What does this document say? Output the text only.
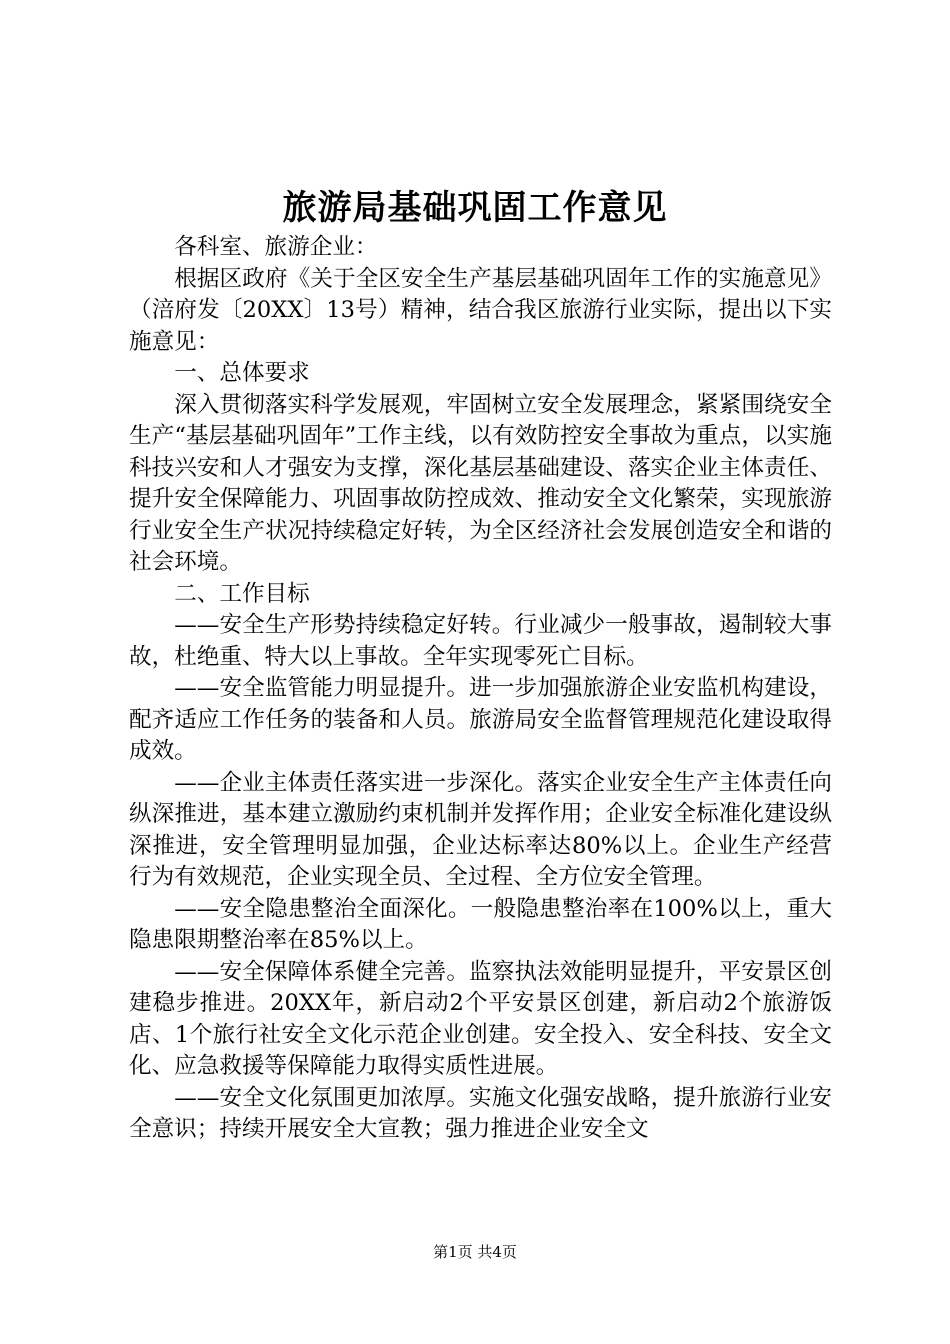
旅游局基础巩固工作意见

各科室、旅游企业：

根据区政府《关于全区安全生产基层基础巩固年工作的实施意见》（涪府发〔20XX〕13号）精神，结合我区旅游行业实际，提出以下实施意见：

一、总体要求

深入贯彻落实科学发展观，牢固树立安全发展理念，紧紧围绕安全生产“基层基础巩固年”工作主线，以有效防控安全事故为重点，以实施科技兴安和人才强安为支撑，深化基层基础建设、落实企业主体责任、提升安全保障能力、巩固事故防控成效、推动安全文化繁荣，实现旅游行业安全生产状况持续稳定好转，为全区经济社会发展创造安全和谐的社会环境。

二、工作目标

——安全生产形势持续稳定好转。行业减少一般事故，遏制较大事故，杜绝重、特大以上事故。全年实现零死亡目标。

——安全监管能力明显提升。进一步加强旅游企业安监机构建设，配齐适应工作任务的装备和人员。旅游局安全监督管理规范化建设取得成效。

——企业主体责任落实进一步深化。落实企业安全生产主体责任向纵深推进，基本建立激励约束机制并发挥作用；企业安全标准化建设纵深推进，安全管理明显加强，企业达标率达80%以上。企业生产经营行为有效规范，企业实现全员、全过程、全方位安全管理。

——安全隐患整治全面深化。一般隐患整治率在100%以上，重大隐患限期整治率在85%以上。

——安全保障体系健全完善。监察执法效能明显提升，平安景区创建稳步推进。20XX年，新启动2个平安景区创建，新启动2个旅游饭店、1个旅行社安全文化示范企业创建。安全投入、安全科技、安全文化、应急救援等保障能力取得实质性进展。

——安全文化氛围更加浓厚。实施文化强安战略，提升旅游行业安全意识；持续开展安全大宣教；强力推进企业安全文

第1页 共4页
